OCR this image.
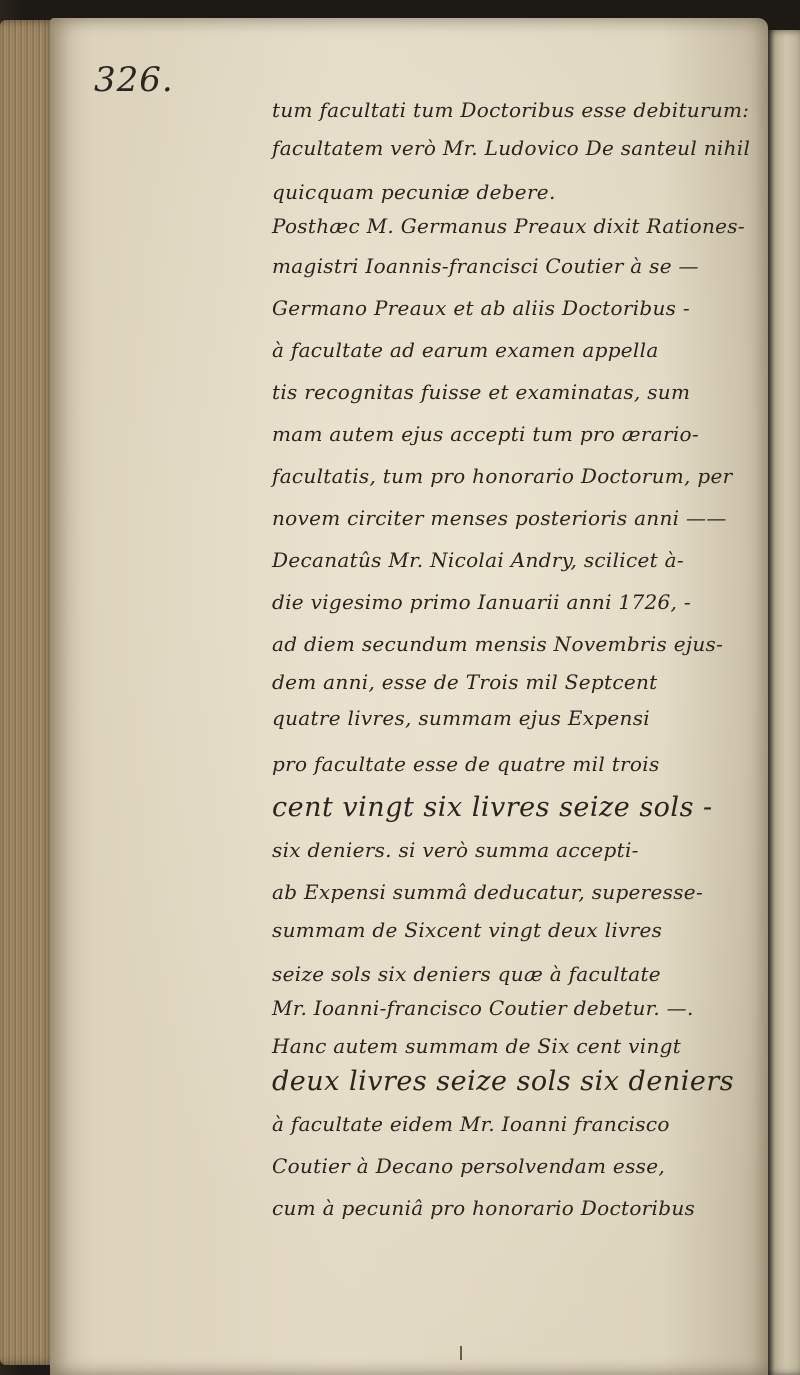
326.
tum facultati tum Doctoribus esse debiturum:
facultatem verò Mr. Ludovico De santeul nihil
quicquam pecuniæ debere.
Posthæc M. Germanus Preaux dixit Rationes-
magistri Ioannis-francisci Coutier à se —
Germano Preaux et ab aliis Doctoribus -
à facultate ad earum examen appella
tis recognitas fuisse et examinatas, sum
mam autem ejus accepti tum pro ærario-
facultatis, tum pro honorario Doctorum, per
novem circiter menses posterioris anni ——
Decanatûs Mr. Nicolai Andry, scilicet à-
die vigesimo primo Ianuarii anni 1726, -
ad diem secundum mensis Novembris ejus-
dem anni, esse de Trois mil Septcent
quatre livres, summam ejus Expensi
pro facultate esse de quatre mil trois
cent vingt six livres seize sols -
six deniers. si verò summa accepti-
ab Expensi summâ deducatur, superesse-
summam de Sixcent vingt deux livres
seize sols six deniers quæ à facultate
Mr. Ioanni-francisco Coutier debetur. —.
Hanc autem summam de Six cent vingt
deux livres seize sols six deniers
à facultate eidem Mr. Ioanni francisco
Coutier à Decano persolvendam esse,
cum à pecuniâ pro honorario Doctoribus
